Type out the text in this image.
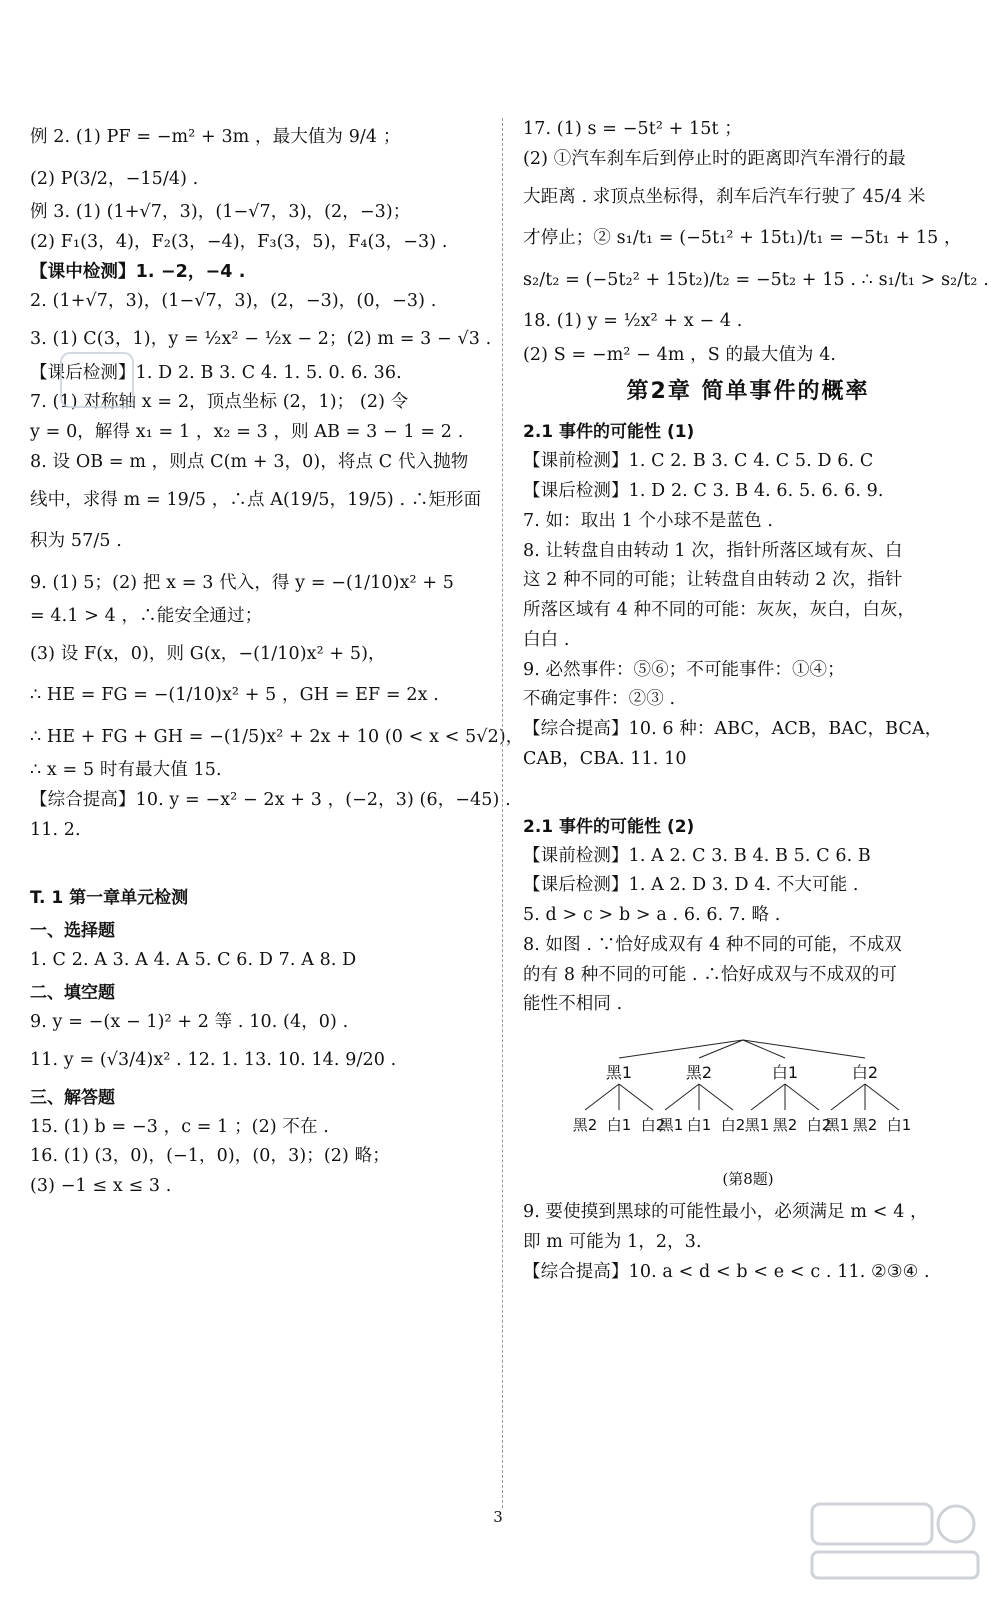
例 2. (1) PF = −m² + 3m ，最大值为 9/4 ；
(2) P(3/2，−15/4) .
例 3. (1) (1+√7，3)，(1−√7，3)，(2，−3)；
(2) F₁(3，4)，F₂(3，−4)，F₃(3，5)，F₄(3，−3) .
【课中检测】1. −2，−4 .
2. (1+√7，3)，(1−√7，3)，(2，−3)，(0，−3) .
3. (1) C(3，1)，y = ½x² − ½x − 2；(2) m = 3 − √3 .
【课后检测】1. D 2. B 3. C 4. 1. 5. 0. 6. 36.
7. (1) 对称轴 x = 2，顶点坐标 (2，1)； (2) 令
y = 0，解得 x₁ = 1 ，x₂ = 3 ，则 AB = 3 − 1 = 2 .
8. 设 OB = m ，则点 C(m + 3，0)，将点 C 代入抛物
线中，求得 m = 19/5 ，∴点 A(19/5，19/5) . ∴矩形面
积为 57/5 .
9. (1) 5；(2) 把 x = 3 代入，得 y = −(1/10)x² + 5
= 4.1 > 4 ，∴能安全通过；
(3) 设 F(x，0)，则 G(x，−(1/10)x² + 5)，
∴ HE = FG = −(1/10)x² + 5 ，GH = EF = 2x .
∴ HE + FG + GH = −(1/5)x² + 2x + 10 (0 < x < 5√2)，
∴ x = 5 时有最大值 15.
【综合提高】10. y = −x² − 2x + 3 ，(−2，3) (6，−45) .
11. 2.
T. 1 第一章单元检测
一、选择题
1. C 2. A 3. A 4. A 5. C 6. D 7. A 8. D
二、填空题
9. y = −(x − 1)² + 2 等 . 10. (4，0) .
11. y = (√3/4)x² . 12. 1. 13. 10. 14. 9/20 .
三、解答题
15. (1) b = −3 ，c = 1 ；(2) 不在 .
16. (1) (3，0)，(−1，0)，(0，3)；(2) 略；
(3) −1 ≤ x ≤ 3 .
17. (1) s = −5t² + 15t ；
(2) ①汽车刹车后到停止时的距离即汽车滑行的最
大距离 . 求顶点坐标得，刹车后汽车行驶了 45/4 米
才停止；② s₁/t₁ = (−5t₁² + 15t₁)/t₁ = −5t₁ + 15 ，
s₂/t₂ = (−5t₂² + 15t₂)/t₂ = −5t₂ + 15 . ∴ s₁/t₁ > s₂/t₂ .
18. (1) y = ½x² + x − 4 .
(2) S = −m² − 4m ，S 的最大值为 4.
第2章 简单事件的概率
2.1 事件的可能性 (1)
【课前检测】1. C 2. B 3. C 4. C 5. D 6. C
【课后检测】1. D 2. C 3. B 4. 6. 5. 6. 6. 9.
7. 如：取出 1 个小球不是蓝色 .
8. 让转盘自由转动 1 次，指针所落区域有灰、白
这 2 种不同的可能；让转盘自由转动 2 次，指针
所落区域有 4 种不同的可能：灰灰，灰白，白灰，
白白 .
9. 必然事件：⑤⑥；不可能事件：①④；
不确定事件：②③ .
【综合提高】10. 6 种：ABC，ACB，BAC，BCA，
CAB，CBA. 11. 10
2.1 事件的可能性 (2)
【课前检测】1. A 2. C 3. B 4. B 5. C 6. B
【课后检测】1. A 2. D 3. D 4. 不大可能 .
5. d > c > b > a . 6. 6. 7. 略 .
8. 如图 . ∵恰好成双有 4 种不同的可能，不成双
的有 8 种不同的可能 . ∴恰好成双与不成双的可
能性不相同 .
黑1	黑2	白1	白2
黑2 白1 白2
黑1 白1 白2 黑1 黑2 白2
黑1 黑2 白1
(第8题)
9. 要使摸到黑球的可能性最小，必须满足 m < 4 ，
即 m 可能为 1，2，3.
【综合提高】10. a < d < b < e < c . 11. ②③④ .
3
